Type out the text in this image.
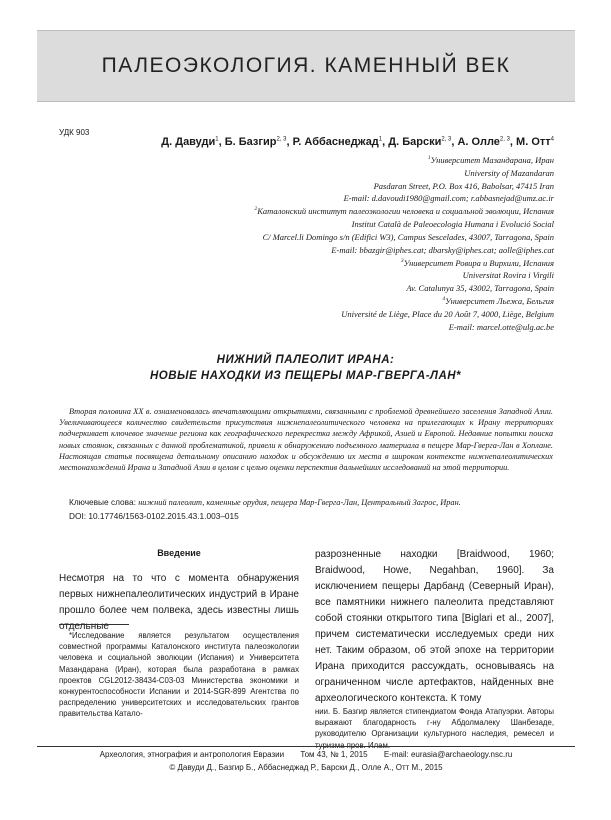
ПАЛЕОЭКОЛОГИЯ. КАМЕННЫЙ ВЕК
УДК 903
Д. Давуди$^1$, Б. Базгир$^{2, 3}$, Р. Аббаснеджад$^1$, Д. Барски$^{2, 3}$, А. Олле$^{2, 3}$, М. Отт$^4$
$^1$Университет Мазандарана, Иран
University of Mazandaran
Pasdaran Street, P.O. Box 416, Babolsar, 47415 Iran
E-mail: d.davoudi1980@gmail.com; r.abbasnejad@umz.ac.ir
$^2$Каталонский институт палеоэкологии человека и социальной эволюции, Испания
Institut Català de Paleoecologia Humana i Evolució Social
C/ Marcel.li Domingo s/n (Edifici W3), Campus Sescelades, 43007, Tarragona, Spain
E-mail: bbazgir@iphes.cat; dbarsky@iphes.cat; aolle@iphes.cat
$^3$Университет Ровира и Вирхили, Испания
Universitat Rovira i Virgili
Av. Catalunya 35, 43002, Tarragona, Spain
$^4$Университет Льежа, Бельгия
Université de Liège, Place du 20 Août 7, 4000, Liège, Belgium
E-mail: marcel.otte@ulg.ac.be
НИЖНИЙ ПАЛЕОЛИТ ИРАНА:
НОВЫЕ НАХОДКИ ИЗ ПЕЩЕРЫ МАР-ГВЕРГА-ЛАН*

Вторая половина XX в. ознаменовалась впечатляющими открытиями, связанными с проблемой древнейшего заселения Западной Азии. Увеличивающееся количество свидетельств присутствия нижнепалеолитического человека на прилегающих к Ирану территориях подчеркивает ключевое значение региона как географического перекрестка между Африкой, Азией и Европой. Недавние попытки поиска новых стоянок, связанных с данной проблематикой, привели к обнаружению подъемного материала в пещере Мар-Гверга-Лан в Хоплане. Настоящая статья посвящена детальному описанию находок и обсуждению их места в широком контексте нижнепалеолитических местонахождений Ирана и Западной Азии в целом с целью оценки перспектив дальнейших исследований на этой территории.

Ключевые слова: нижний палеолит, каменные орудия, пещера Мар-Гверга-Лан, Центральный Загрос, Иран.
DOI: 10.17746/1563-0102.2015.43.1.003–015
Введение

Несмотря на то что с момента обнаружения первых нижнепалеолитических индустрий в Иране прошло более чем полвека, здесь известны лишь отдельные

*Исследование является результатом осуществления совместной программы Каталонского института палеоэкологии человека и социальной эволюции (Испания) и Университета Мазандарана (Иран), которая была разработана в рамках проектов CGL2012-38434-C03-03 Министерства экономики и конкурентоспособности Испании и 2014-SGR-899 Агентства по распределению университетских и исследовательских грантов правительства Катало-

разрозненные находки [Braidwood, 1960; Braidwood, Howe, Negahban, 1960]. За исключением пещеры Дарбанд (Северный Иран), все памятники нижнего палеолита представляют собой стоянки открытого типа [Biglari et al., 2007], причем систематически исследуемых среди них нет. Таким образом, об этой эпохе на территории Ирана приходится рассуждать, основываясь на ограниченном числе артефактов, найденных вне археологического контекста. К тому

нии. Б. Базгир является стипендиатом Фонда Атапуэрки. Авторы выражают благодарность г-ну Абдолмалеку Шанбезаде, руководителю Организации культурного наследия, ремесел и туризма пров. Илам.

Археология, этнография и антропология Евразии Том 43, № 1, 2015 E-mail: eurasia@archaeology.nsc.ru
© Давуди Д., Базгир Б., Аббаснеджад Р., Барски Д., Олле А., Отт М., 2015
